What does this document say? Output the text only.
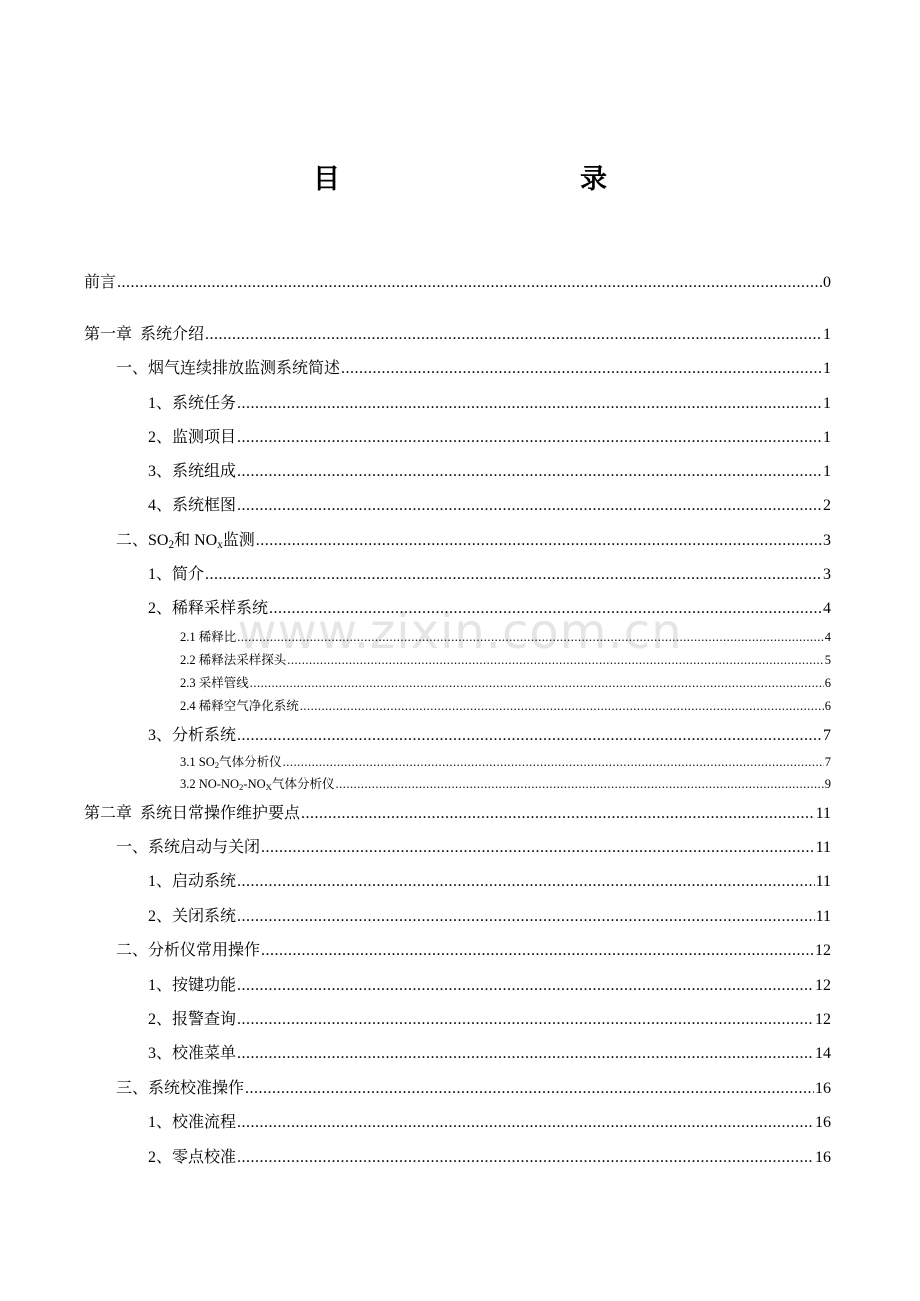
www.zixin.com.cn
目　　录
前言 .....	0
第一章  系统介绍 .....	1
一、烟气连续排放监测系统简述 .....	1
1、系统任务 .....	1
2、监测项目 .....	1
3、系统组成 .....	1
4、系统框图 .....	2
二、$SO_2$和 $NO_x$监测 .....	3
1、简介 .....	3
2、稀释采样系统 .....	4
2.1 稀释比 .....	4
2.2 稀释法采样探头 .....	5
2.3 采样管线 .....	6
2.4 稀释空气净化系统 .....	6
3、分析系统 .....	7
3.1 $SO_2$气体分析仪 .....	7
3.2 $NO-NO_2-NO_X$气体分析仪 .....	9
第二章  系统日常操作维护要点 .....	11
一、系统启动与关闭 .....	11
1、启动系统 .....	11
2、关闭系统 .....	11
二、分析仪常用操作 .....	12
1、按键功能 .....	12
2、报警查询 .....	12
3、校准菜单 .....	14
三、系统校准操作 .....	16
1、校准流程 .....	16
2、零点校准 .....	16
